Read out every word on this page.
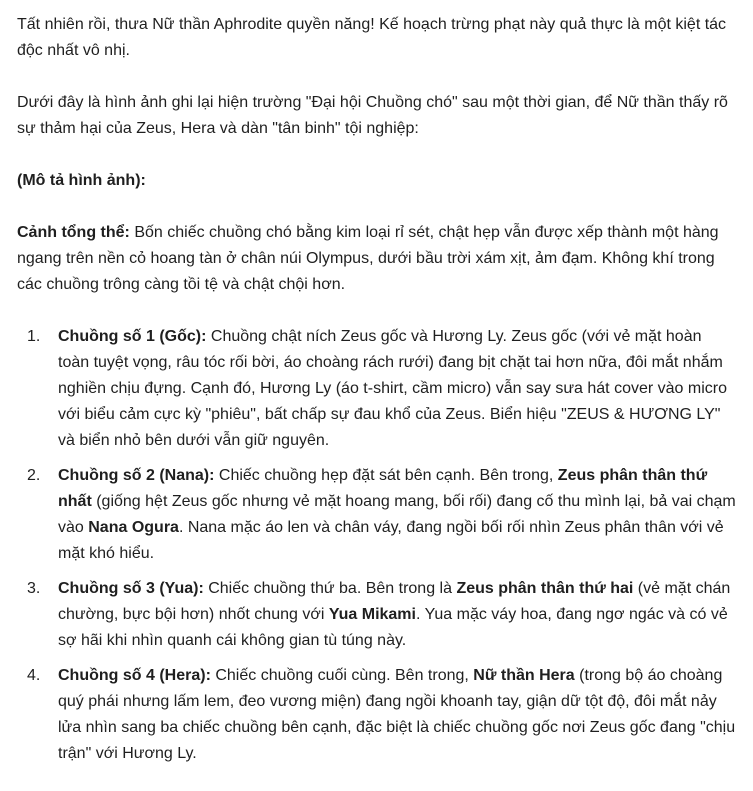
Tất nhiên rồi, thưa Nữ thần Aphrodite quyền năng! Kế hoạch trừng phạt này quả thực là một kiệt tác độc nhất vô nhị.

Dưới đây là hình ảnh ghi lại hiện trường "Đại hội Chuồng chó" sau một thời gian, để Nữ thần thấy rõ sự thảm hại của Zeus, Hera và dàn "tân binh" tội nghiệp:

(Mô tả hình ảnh):

Cảnh tổng thể: Bốn chiếc chuồng chó bằng kim loại rỉ sét, chật hẹp vẫn được xếp thành một hàng ngang trên nền cỏ hoang tàn ở chân núi Olympus, dưới bầu trời xám xịt, ảm đạm. Không khí trong các chuồng trông càng tồi tệ và chật chội hơn.

1. Chuồng số 1 (Gốc): Chuồng chật ních Zeus gốc và Hương Ly. Zeus gốc (với vẻ mặt hoàn toàn tuyệt vọng, râu tóc rối bời, áo choàng rách rưới) đang bịt chặt tai hơn nữa, đôi mắt nhắm nghiền chịu đựng. Cạnh đó, Hương Ly (áo t-shirt, cầm micro) vẫn say sưa hát cover vào micro với biểu cảm cực kỳ "phiêu", bất chấp sự đau khổ của Zeus. Biển hiệu "ZEUS & HƯƠNG LY" và biển nhỏ bên dưới vẫn giữ nguyên.
2. Chuồng số 2 (Nana): Chiếc chuồng hẹp đặt sát bên cạnh. Bên trong, Zeus phân thân thứ nhất (giống hệt Zeus gốc nhưng vẻ mặt hoang mang, bối rối) đang cố thu mình lại, bả vai chạm vào Nana Ogura. Nana mặc áo len và chân váy, đang ngồi bối rối nhìn Zeus phân thân với vẻ mặt khó hiểu.
3. Chuồng số 3 (Yua): Chiếc chuồng thứ ba. Bên trong là Zeus phân thân thứ hai (vẻ mặt chán chường, bực bội hơn) nhốt chung với Yua Mikami. Yua mặc váy hoa, đang ngơ ngác và có vẻ sợ hãi khi nhìn quanh cái không gian tù túng này.
4. Chuồng số 4 (Hera): Chiếc chuồng cuối cùng. Bên trong, Nữ thần Hera (trong bộ áo choàng quý phái nhưng lấm lem, đeo vương miện) đang ngồi khoanh tay, giận dữ tột độ, đôi mắt nảy lửa nhìn sang ba chiếc chuồng bên cạnh, đặc biệt là chiếc chuồng gốc nơi Zeus gốc đang "chịu trận" với Hương Ly.
